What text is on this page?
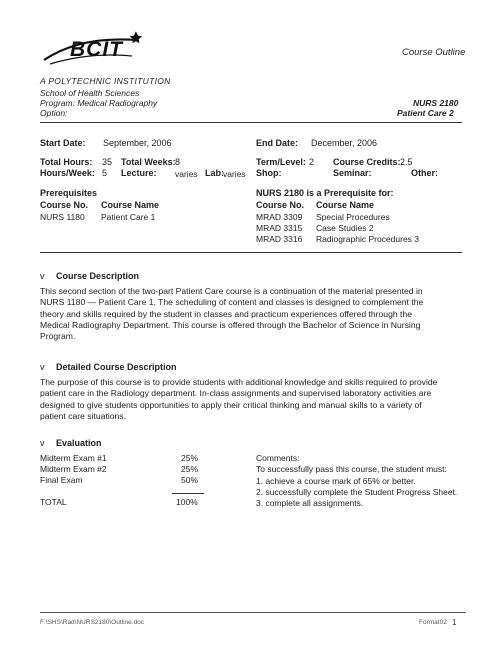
BCIT
A POLYTECHNIC INSTITUTION
Course Outline
School of Health Sciences
Program: Medical Radiography
Option:
NURS 2180
Patient Care 2
Start Date: September, 2006	End Date: December, 2006
Total Hours: 35 Total Weeks: 8	Term/Level: 2 Course Credits: 2.5
Hours/Week: 5 Lecture: varies Lab: varies Shop:	Seminar:	Other:
Prerequisites
Course No. Course Name
NURS 1180 Patient Care 1
NURS 2180 is a Prerequisite for:
Course No. Course Name
MRAD 3309 Special Procedures
MRAD 3315 Case Studies 2
MRAD 3316 Radiographic Procedures 3
v Course Description
This second section of the two-part Patient Care course is a continuation of the material presented in
NURS 1180 — Patient Care 1. The scheduling of content and classes is designed to complement the
theory and skills required by the student in classes and practicum experiences offered through the
Medical Radiography Department. This course is offered through the Bachelor of Science in Nursing
Program.
v Detailed Course Description
The purpose of this course is to provide students with additional knowledge and skills required to provide
patient care in the Radiology department. In-class assignments and supervised laboratory activities are
designed to give students opportunities to apply their critical thinking and manual skills to a variety of
patient care situations.
v Evaluation
Midterm Exam #1	25%
Midterm Exam #2	25%
Final Exam	50%
TOTAL	100%
Comments:
To successfully pass this course, the student must:
1. achieve a course mark of 65% or better.
2. successfully complete the Student Progress Sheet.
3. complete all assignments.
F:\SHS\Rad\NURS2180\Outline.doc	Format02 1
